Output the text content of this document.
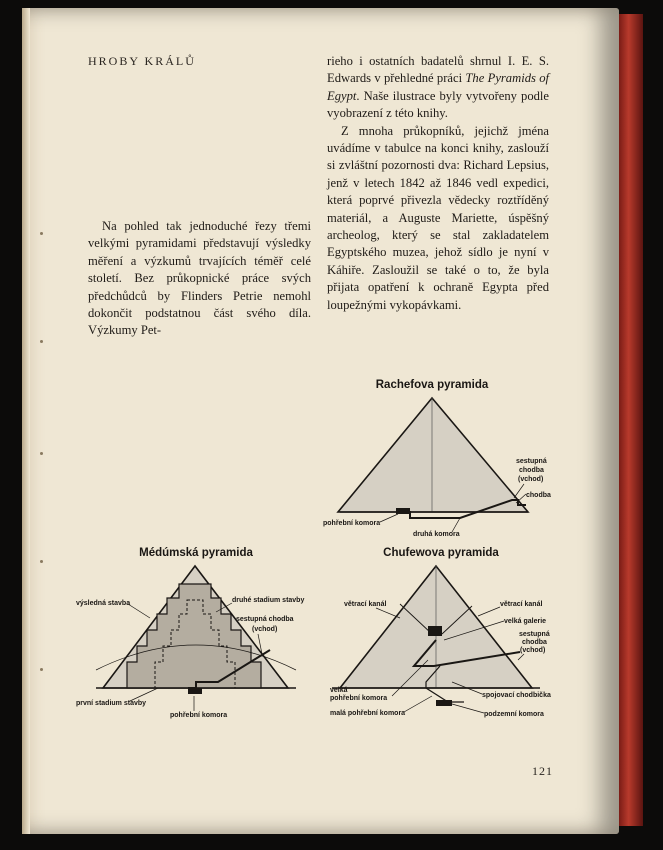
HROBY KRÁLŮ

Na pohled tak jednoduché řezy třemi velkými pyramidami představují výsledky měření a výzkumů trvajících téměř celé století. Bez průkopnické práce svých předchůdců by Flinders Petrie nemohl dokončit podstatnou část svého díla. Výzkumy Pet-

rieho i ostatních badatelů shrnul I. E. S. Edwards v přehledné práci The Pyramids of Egypt. Naše ilustrace byly vytvořeny podle vyobrazení z této knihy.

Z mnoha průkopníků, jejichž jména uvádíme v tabulce na konci knihy, zaslouží si zvláštní pozornosti dva: Richard Lepsius, jenž v letech 1842 až 1846 vedl expedici, která poprvé přivezla vědecky roztříděný materiál, a Auguste Mariette, úspěšný archeolog, který se stal zakladatelem Egyptského muzea, jehož sídlo je nyní v Káhiře. Zasloužil se také o to, že byla přijata opatření k ochraně Egypta před loupežnými vykopávkami.

Rachefova pyramida
sestupná
chodba
(vchod)
chodba
pohřební komora
druhá komora
Médúmská pyramida
výsledná stavba	druhé stadium stavby
sestupná chodba
(vchod)
první stadium stavby
pohřební komora
Chufewova pyramida
větrací kanál	větrací kanál
velká galerie
sestupná
chodba
(vchod)
velká
pohřební komora	spojovací chodbička
malá pohřební komora	podzemní komora
121
